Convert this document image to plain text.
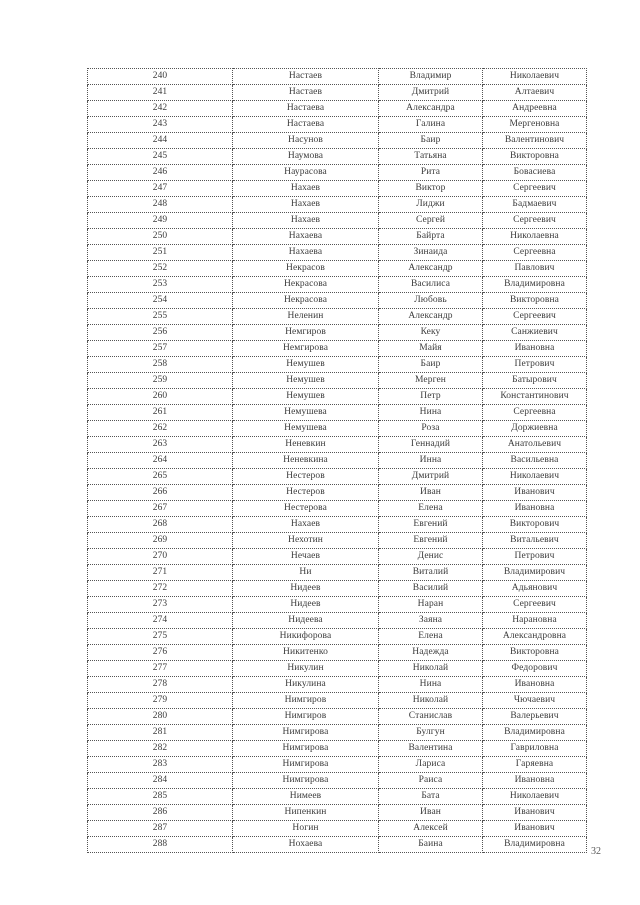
240	Настаев	Владимир	Николаевич
241	Настаев	Дмитрий	Алтаевич
242	Настаева	Александра	Андреевна
243	Настаева	Галина	Мергеновна
244	Насунов	Баир	Валентинович
245	Наумова	Татьяна	Викторовна
246	Наурасова	Рита	Бовасиева
247	Нахаев	Виктор	Сергеевич
248	Нахаев	Лиджи	Бадмаевич
249	Нахаев	Сергей	Сергеевич
250	Нахаева	Байрта	Николаевна
251	Нахаева	Зинаида	Сергеевна
252	Некрасов	Александр	Павлович
253	Некрасова	Василиса	Владимировна
254	Некрасова	Любовь	Викторовна
255	Неленин	Александр	Сергеевич
256	Немгиров	Кеку	Санжиевич
257	Немгирова	Майя	Ивановна
258	Немушев	Баир	Петрович
259	Немушев	Мерген	Батырович
260	Немушев	Петр	Константинович
261	Немушева	Нина	Сергеевна
262	Немушева	Роза	Доржиевна
263	Неневкин	Геннадий	Анатольевич
264	Неневкина	Инна	Васильевна
265	Нестеров	Дмитрий	Николаевич
266	Нестеров	Иван	Иванович
267	Нестерова	Елена	Ивановна
268	Нахаев	Евгений	Викторович
269	Нехотин	Евгений	Витальевич
270	Нечаев	Денис	Петрович
271	Ни	Виталий	Владимирович
272	Нидеев	Василий	Адьянович
273	Нидеев	Наран	Сергеевич
274	Нидеева	Заяна	Нарановна
275	Никифорова	Елена	Александровна
276	Никитенко	Надежда	Викторовна
277	Никулин	Николай	Федорович
278	Никулина	Нина	Ивановна
279	Нимгиров	Николай	Чючаевич
280	Нимгиров	Станислав	Валерьевич
281	Нимгирова	Булгун	Владимировна
282	Нимгирова	Валентина	Гавриловна
283	Нимгирова	Лариса	Гаряевна
284	Нимгирова	Раиса	Ивановна
285	Нимеев	Бата	Николаевич
286	Нипенкин	Иван	Иванович
287	Ногин	Алексей	Иванович
288	Нохаева	Баина	Владимировна
32
